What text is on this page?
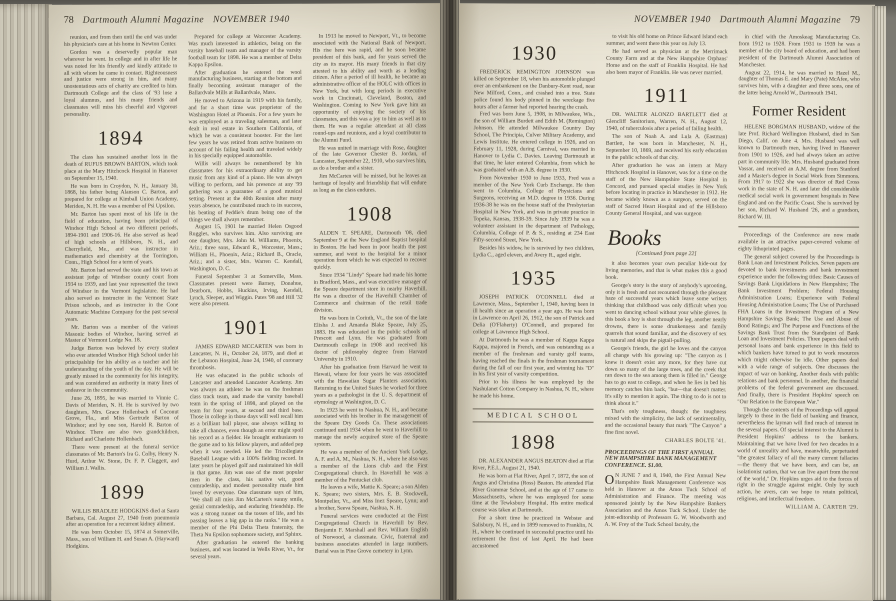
78 Dartmouth Alumni Magazine NOVEMBER 1940
reunion, and from then until the end was under his physician's care at his home in Newton Center.
Gordon was a deservedly popular man wherever he went. In college and in after life he was noted for his friendly and kindly attitude to all with whom he came in contact. Righteousness and justice were strong in him, and many unostentatious acts of charity are credited to him. Dartmouth College and the class of '93 lose a loyal alumnus, and his many friends and classmates will miss his cheerful and vigorous personality.
1894
The class has sustained another loss in the death of RUFUS BROWN BARTON, which took place at the Mary Hitchcock Hospital in Hanover on September 15, 1940.
He was born in Croydon, N. H., January 30, 1868, his father being Alanson C. Barton, and prepared for college at Kimball Union Academy, Meriden, N. H. He was a member of Psi Upsilon.
Mr. Barton has spent most of his life in the field of education, having been principal of Windsor High School at two different periods, 1894-1901 and 1906-16. He also served as head of high schools at Hillsboro, N. H., and Cherryfield, Me., and was instructor in mathematics and chemistry at the Torrington, Conn., High School for a term of years.
Mr. Barton had served the state and his town as assistant judge of Windsor county court from 1934 to 1939, and last year represented the town of Windsor in the Vermont legislature. He had also served as instructor in the Vermont State Prison schools, and as instructor in the Cone Automatic Machine Company for the past several years.
Mr. Barton was a member of the various Masonic bodies of Windsor, having served as Master of Vermont Lodge No. 18.
Judge Barton was beloved by every student who ever attended Windsor High School under his principalship for his ability as a teacher and his understanding of the youth of the day. He will be greatly missed in the community for his integrity, and was considered an authority in many lines of endeavor in the community.
June 26, 1895, he was married to Vinnie C. Davis of Meriden, N. H. He is survived by two daughters, Mrs. Grace Hollenbach of Coconut Grove, Fla., and Miss Gertrude Barton of Windsor; and by one son, Harold R. Barton of Windsor. There are also two grandchildren, Richard and Charlotte Hollenbach.
There were present at the funeral service classmates of Mr. Barton's Ira G. Colby, Henry N. Hurd, Arthur W. Stone, Dr. F. P. Claggett, and William J. Wallis.
1899
WILLIS BRADLEE HODGKINS died at Santa Barbara, Cal. August 27, 1940 from pneumonia after an operation for a recurrent kidney ailment.
He was born October 15, 1874 at Somerville, Mass., son of William H. and Susan A. (Hayward) Hodgkins.
Prepared for college at Worcester Academy. Was much interested in athletics, being on the varsity baseball team and manager of the varsity football team for 1898. He was a member of Delta Kappa Epsilon.
After graduation he entered the wool manufacturing business, starting at the bottom and finally becoming assistant manager of the Ballardvale Mills at Ballardvale, Mass.
He moved to Arizona in 1919 with his family, and for a short time was proprietor of the Washington Hotel at Phoenix. For a few years he was employed as a traveling salesman, and later dealt in real estate in Southern California, of which he was a consistent booster. For the last few years he was retired from active business on account of his failing health and traveled widely in his specially equipped automobile.
Willis will always be remembered by his classmates for his extraordinary ability to get music from any kind of a piano. He was always willing to perform, and his presence at any '99 gathering was a guarantee of a good musical setting. Present at the 40th Reunion after many years absence, he contributed much to its success, his beating of Peddie's drum being one of the things we shall always remember.
August 15, 1901 he married Helen Osgood Ruggles, who survives him. Also surviving are one daughter, Mrs. John M. Williams, Phoenix, Ariz.; three sons, Edward R., Worcester, Mass.; William H., Phoenix, Ariz.; Richard B., Oracle, Ariz.; and a sister, Mrs. Warren C. Kendall, Washington, D. C.
Funeral September 3 at Somerville, Mass. Classmates present were Barney, Donahue, Dearborn, Hobbs, Huckins, Irving, Kendall, Lynch, Sleeper, and Wiggin. Pates '98 and Hill '32 were also present.
1901
JAMES EDWARD MCCARTEN was born in Lancaster, N. H., October 24, 1879, and died at the Lebanon Hospital, June 24, 1940, of coronary thrombosis.
He was educated in the public schools of Lancaster and attended Lancaster Academy. Jim was always an athlete: he was on the freshman class track team, and made the varsity baseball team in the spring of 1898, and played on the team for four years, at second and third base. Those in college in those days will well recall him as a brilliant ball player, one always willing to take all chances, even though an error might spoil his record as a fielder. He brought enthusiasm to the game and to his fellow players, and added pep when it was needed. He led the Tricollegiate Baseball League with a 100% fielding record. In later years he played golf and maintained his skill in that game. Jim was one of the most popular men in the class, his native wit, good comradeship, and modest personality made him loved by everyone. One classmate says of him, "We shall all miss Jim McCarten's sunny smile, genial comradeship, and enduring friendship. He was a strong runner on the tosses of life, and his passing leaves a big gap in the ranks." He was a member of the Phi Delta Theta fraternity, the Theta Nu Epsilon sophomore society, and Sphinx.
After graduation he entered the banking business, and was located in Wells River, Vt., for several years.
In 1913 he moved to Newport, Vt., to become associated with the National Bank of Newport. His rise here was rapid, and he soon became president of this bank, and for years served the city as its mayor. His many friends in that city attested to his ability and worth as a leading citizen. After a period of ill health, he became an administrative officer of the HOLC with offices in New York, but with long periods in executive work in Cincinnati, Cleveland, Boston, and Washington. Coming to New York gave him an opportunity of enjoying the society of his classmates, and this was a joy to him as well as to them. He was a regular attendant at all class round-ups and reunions, and a loyal contributor to the Alumni Fund.
He was united in marriage with Rose, daughter of the late Governor Chester B. Jordan, of Lancaster, September 22, 1910, who survives him, as do a brother and a sister.
Jim McCarten will be missed, but he leaves an heritage of loyalty and friendship that will endure as long as the class endures.
1908
ALDEN T. SPEARE, Dartmouth '08, died September 9 at the New England Baptist hospital in Boston. He had been in poor health the past summer, and went to the hospital for a minor operation from which he was expected to recover quickly.
Since 1934 "Lindy" Speare had made his home in Bradford, Mass., and was executive manager of the Speare department store in nearby Haverhill. He was a director of the Haverhill Chamber of Commerce and chairman of the retail trade division.
He was born in Corinth, Vt., the son of the late Elisha J. and Amanda Blake Speare, July 25, 1883. He was educated in the public schools of Prescott and Lynn. He was graduated from Dartmouth college in 1908 and received his doctor of philosophy degree from Harvard University in 1910.
After his graduation from Harvard he went to Hawaii, where for four years he was associated with the Hawaiian Sugar Planters association. Returning to the United States he worked for three years as a pathologist in the U. S. department of etymology at Washington, D. C.
In 1923 he went to Nashua, N. H., and became associated with his brother in the management of the Speare Dry Goods Co. These associations continued until 1934 when he went to Haverhill to manage the newly acquired store of the Speare system.
He was a member of the Ancient York Lodge, A. F. and A. M., Nashua, N. H., where he also was a member of the Lions club and the First Congregational church. In Haverhill he was a member of the Pentucket club.
He leaves a wife, Mattie K. Speare; a son Alden K. Speare; two sisters, Mrs. E. B. Stockwell, Montpelier, Vt., and Miss Inez Speare, Lynn; and a brother, Seeva Speare, Nashua, N. H.
Funeral services were conducted at the First Congregational Church in Haverhill by Rev. Benjamin F. Marshall and Rev. William English of Norwood, a classmate. Civic, fraternal and business associates attended in large numbers. Burial was in Pine Grove cemetery in Lynn.
NOVEMBER 1940 Dartmouth Alumni Magazine 79
1930
FREDERICK REMINGTON JOHNSON was killed on September 18, when his automobile plunged over an embankment on the Danbury-Kent road, near New Milford, Conn., and crashed into a tree. State police found his body pinned in the wreckage five hours after a farmer had reported hearing the crash.
Fred was born June 5, 1908, in Milwaukee, Wis., the son of William Burdett and Edith M. (Remington) Johnson. He attended Milwaukee Country Day School, The Principia, Culver Military Academy, and Lewis Institute. He entered college in 1926, and on February 11, 1928, during Carnival, was married in Hanover to Lydia C. Davies. Leaving Dartmouth at that time, he later entered Columbia, from which he was graduated with an A.B. degree in 1930.
From November 1930 to June 1933, Fred was a member of the New York Curb Exchange. He then went to Columbia, College of Physicians and Surgeons, receiving an M.D. degree in 1936. During 1936-38 he was on the house staff of the Presbyterian Hospital in New York, and was in private practice in Topeka, Kansas, 1938-39. Since July 1939 he was a volunteer assistant in the department of Pathology, Columbia, College of P. & S., residing at 234 East Fifty-second Street, New York.
Besides his widow, he is survived by two children, Lydia C., aged eleven, and Avery R., aged eight.
1935
JOSEPH PATRICK O'CONNELL died at Lawrence, Mass., September 1, 1940, having been in ill health since an operation a year ago. He was born in Lawrence on April 26, 1912, the son of Patrick and Delia (O'Flaherty) O'Connell, and prepared for college at Lawrence High School.
At Dartmouth he was a member of Kappa Kappa Kappa, majored in French, and was outstanding as a member of the freshman and varsity golf teams, having reached the finals in the freshman tournament during the fall of our first year, and winning his "D" in his first year of varsity competition.
Prior to his illness he was employed by the Nashulanet Cotton Company in Nashua, N. H., where he made his home.
MEDICAL SCHOOL
1898
DR. ALEXANDER ANGUS BEATON died at Flat River, P.E.I., August 21, 1940.
He was born at Flat River, April 7, 1872, the son of Angus and Christina (Ross) Beaton. He attended Flat River Grammar School, and at the age of 17 came to Massachusetts, where he was employed for some time at the Tewksbury Hospital. His entire medical course was taken at Dartmouth.
For a short time he practiced in Webster and Salisbury, N. H., and in 1899 removed to Franklin, N. H., where he continued in successful practice until his retirement the first of last April. He had been accustomed
to visit his old home on Prince Edward Island each summer, and went there this year on July 13.
He had served as physician at the Merrimack County Farm and at the New Hampshire Orphans' Home and on the staff of Franklin Hospital. He had also been mayor of Franklin. He was never married.
1911
DR. WALTER ALONZO BARTLETT died at Glencliff Sanitorium, Warren, N. H., August 12, 1940, of tuberculosis after a period of failing health.
The son of Noah A. and Lula A. (Eastman) Bartlett, he was born in Manchester, N. H., September 10, 1869, and received his early education in the public schools of that city.
After graduation he was an intern at Mary Hitchcock Hospital in Hanover, was for a time on the staff of the New Hampshire State Hospital in Concord, and pursued special studies in New York before locating in practice in Manchester in 1912. He became widely known as a surgeon, served on the staff of Sacred Heart Hospital and of the Hillsboro County General Hospital, and was surgeon
Books
[Continued from page 22]
it also becomes your own peculiar hide-out for living memories, and that is what makes this a good book.
George's story is the story of anybody's uprooting, only it is fresh and not recounted through the pleasant haze of successful years which leave some writers thinking that childhood was only difficult when you went to dancing school without your white gloves. In this book a boy is shot through the leg, another nearly drowns, there is some drunkenness and family quarrels that sound familiar, and the discovery of sex is natural and skips the pigtail-pulling.
George's friends, the girl he loves and the canyon all change with his growing up: "The canyon as I knew it doesn't exist any more, for they have cut down so many of the large trees, and the creek that ran down to the sea among them is filled in." George has to go east to college, and when he lies in bed his memory catches him back, "but—that doesn't matter. It's silly to mention it again. The thing to do is not to think about it."
That's only toughness, though: the toughness mixed with the simplicity, the lack of sentimentality, and the occasional beauty that mark "The Canyon" a fine first novel.
CHARLES BOLTE '41.
PROCEEDINGS OF THE FIRST ANNUAL NEW HAMPSHIRE BANK MANAGEMENT CONFERENCE. $1.00.
ON JUNE 7 and 8, 1940, the First Annual New Hampshire Bank Management Conference was held in Hanover at the Amos Tuck School of Administration and Finance. The meeting was sponsored jointly by the New Hampshire Bankers Association and the Amos Tuck School. Under the joint-editorship of Professors G. W. Woodworth and A. W. Frey of the Tuck School faculty, the
in chief with the Amoskeag Manufacturing Co. from 1912 to 1928. From 1931 to 1939 he was a member of the city board of education, and had been president of the Dartmouth Alumni Association of Manchester.
August 22, 1914, he was married to Hazel M., daughter of Thomas E. and Mary (Pate) McAfee, who survives him, with a daughter and three sons, one of the latter being Arnold W., Dartmouth 1941.
Former Resident
HELENE BORGMAN HUSBAND, widow of the late Prof. Richard Wellington Husband, died in San Diego, Calif. on June 4. Mrs. Husband was well known to Dartmouth men, having lived in Hanover from 1901 to 1926, and had always taken an active part in community life. Mrs. Husband graduated from Vassar, and received an A.M. degree from Stanford and a Master's degree in Social Work from Simmons. From 1917 to 1922 she was director of Red Cross work in the state of N. H. and later did considerable medical social work in government hospitals in New England and on the Pacific Coast. She is survived by her son, Richard W. Husband '26, and a grandson, Richard W. III.
Proceedings of the Conference are now made available in an attractive paper-covered volume of eighty lithoprinted pages.
The general subject covered by the Proceedings is Bank Loan and Investment Policies. Seven papers are devoted to bank investments and bank investment experience under the following titles: Basic Causes of Savings Bank Liquidations in New Hampshire; The Bank Investment Problem; Federal Housing Administration Loans; Experience with Federal Housing Administration Loans; The Use of Purchased FHA Loans in the Investment Program of a New Hampshire Savings Bank; The Use and Abuse of Bond Ratings; and The Purpose and Functions of the Savings Bank Trust from the Standpoint of Bank Loan and Investment Policies. Three papers deal with personal loans and bank experience in this field to which bankers have turned to put to work resources which might otherwise lie idle. Other papers deal with a wide range of subjects. One discusses the impact of war on banking. Another deals with public relations and bank personnel. In another, the financial problems of the federal government are discussed. And finally, there is President Hopkins' speech on "Our Relation to the European War."
Though the contents of the Proceedings will appeal largely to those in the field of banking and finance, nevertheless the layman will find much of interest in the several papers. Of special interest to the Alumni is President Hopkins' address to the bankers. Maintaining that we have lived for two decades in a world of unreality and have, meanwhile, perpetuated "the greatest fallacy of all the many current fallacies—the theory that we have been, and can be, an isolationist nation, that we can live apart from the rest of the world," Dr. Hopkins urges aid to the forces of right in the struggle against might. Only by such action, he avers, can we hope to retain political, religious, and intellectual freedom.
WILLIAM A. CARTER '29.
